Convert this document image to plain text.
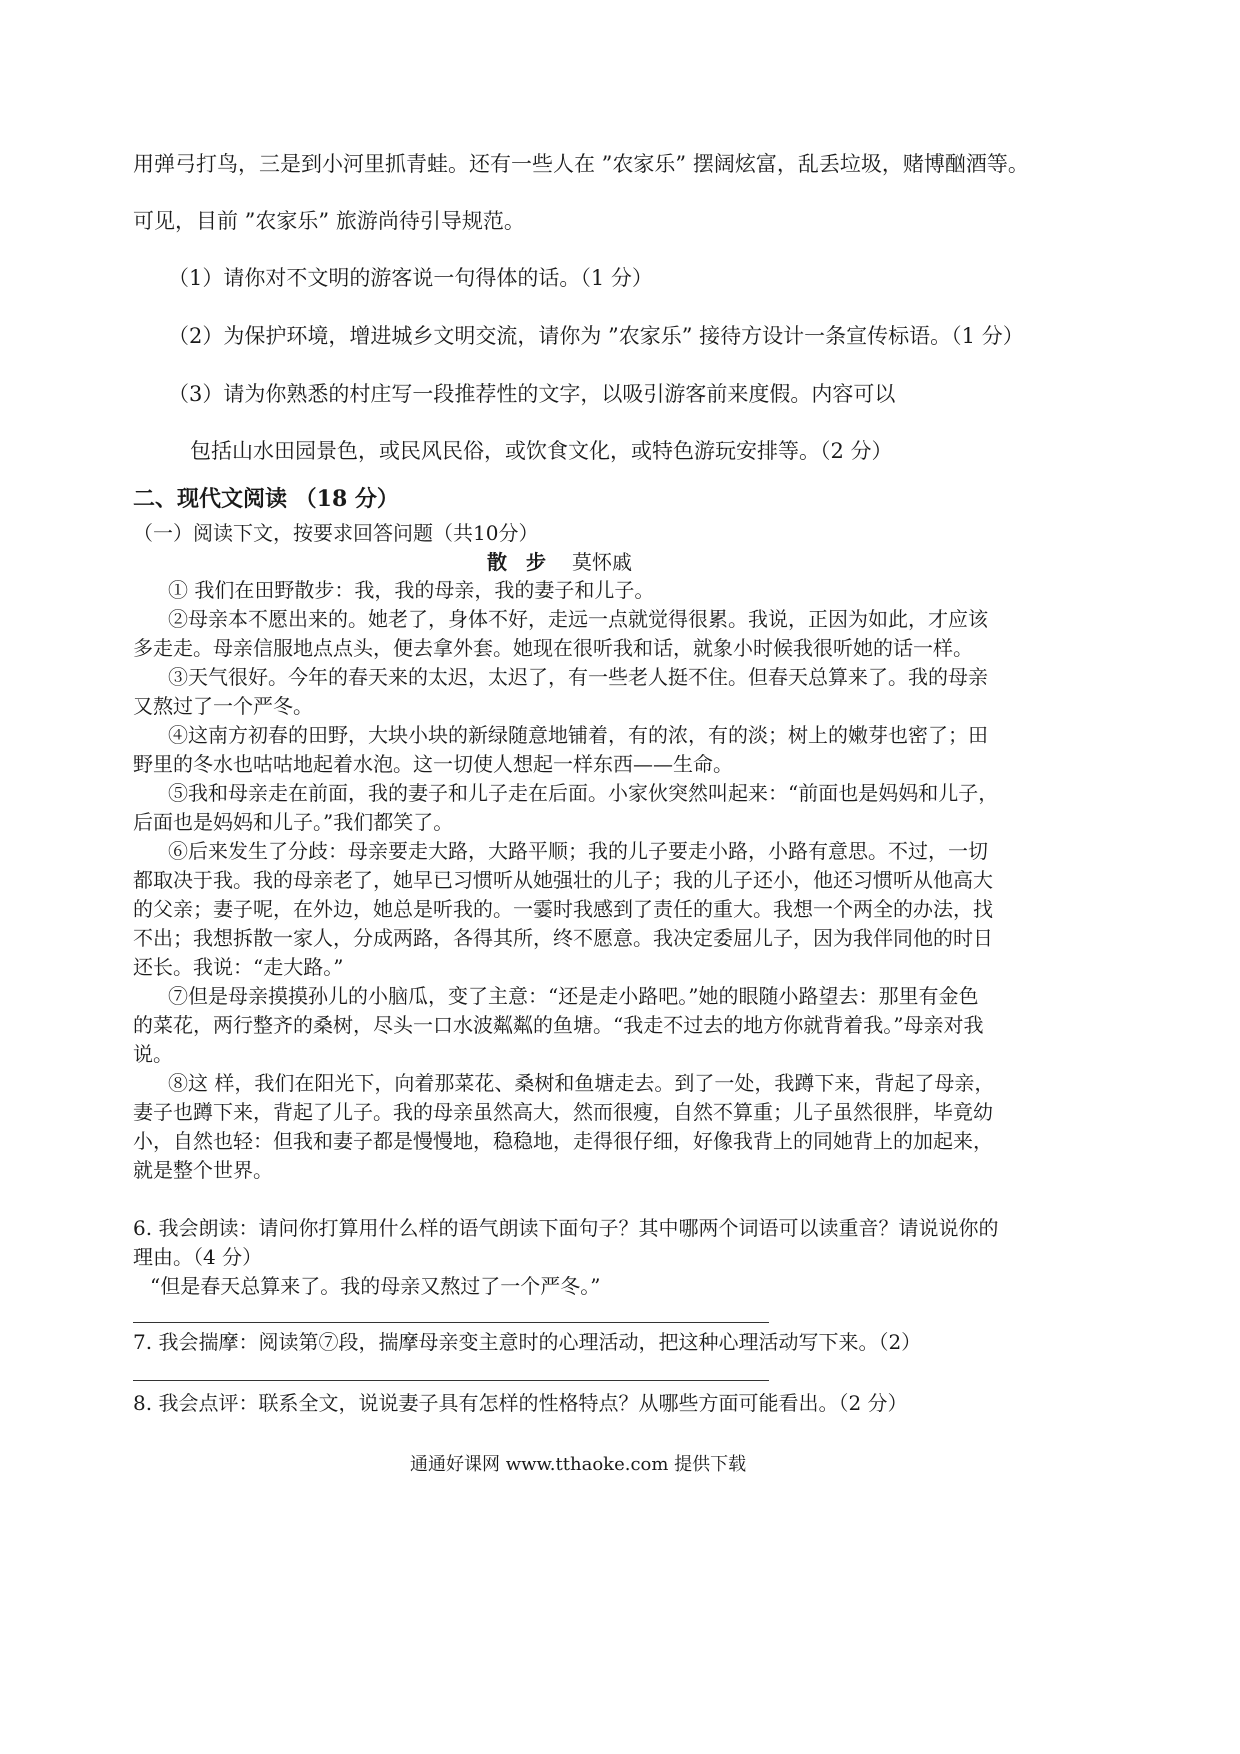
用弹弓打鸟，三是到小河里抓青蛙。还有一些人在 ”农家乐” 摆阔炫富，乱丢垃圾，赌博酗酒等。
可见，目前 ”农家乐” 旅游尚待引导规范。
（1）请你对不文明的游客说一句得体的话。（1 分）
（2）为保护环境，增进城乡文明交流，请你为 ”农家乐” 接待方设计一条宣传标语。（1 分）
（3）请为你熟悉的村庄写一段推荐性的文字，以吸引游客前来度假。内容可以
包括山水田园景色，或民风民俗，或饮食文化，或特色游玩安排等。（2 分）
二、现代文阅读 （18 分）
（一）阅读下文，按要求回答问题（共10分）
散 步 莫怀戚
① 我们在田野散步：我，我的母亲，我的妻子和儿子。
②母亲本不愿出来的。她老了，身体不好，走远一点就觉得很累。我说，正因为如此，才应该
多走走。母亲信服地点点头，便去拿外套。她现在很听我和话，就象小时候我很听她的话一样。
③天气很好。今年的春天来的太迟，太迟了，有一些老人挺不住。但春天总算来了。我的母亲
又熬过了一个严冬。
④这南方初春的田野，大块小块的新绿随意地铺着，有的浓，有的淡；树上的嫩芽也密了；田
野里的冬水也咕咕地起着水泡。这一切使人想起一样东西——生命。
⑤我和母亲走在前面，我的妻子和儿子走在后面。小家伙突然叫起来：“前面也是妈妈和儿子，
后面也是妈妈和儿子。”我们都笑了。
⑥后来发生了分歧：母亲要走大路，大路平顺；我的儿子要走小路，小路有意思。不过，一切
都取决于我。我的母亲老了，她早已习惯听从她强壮的儿子；我的儿子还小，他还习惯听从他高大
的父亲；妻子呢，在外边，她总是听我的。一霎时我感到了责任的重大。我想一个两全的办法，找
不出；我想拆散一家人，分成两路，各得其所，终不愿意。我决定委屈儿子，因为我伴同他的时日
还长。我说：“走大路。”
⑦但是母亲摸摸孙儿的小脑瓜，变了主意：“还是走小路吧。”她的眼随小路望去：那里有金色
的菜花，两行整齐的桑树，尽头一口水波粼粼的鱼塘。“我走不过去的地方你就背着我。”母亲对我
说。
⑧这 样，我们在阳光下，向着那菜花、桑树和鱼塘走去。到了一处，我蹲下来，背起了母亲，
妻子也蹲下来，背起了儿子。我的母亲虽然高大，然而很瘦，自然不算重；儿子虽然很胖，毕竟幼
小，自然也轻：但我和妻子都是慢慢地，稳稳地，走得很仔细，好像我背上的同她背上的加起来，
就是整个世界。
6. 我会朗读：请问你打算用什么样的语气朗读下面句子？其中哪两个词语可以读重音？请说说你的
理由。（4 分）
“但是春天总算来了。我的母亲又熬过了一个严冬。”
7. 我会揣摩：阅读第⑦段，揣摩母亲变主意时的心理活动，把这种心理活动写下来。（2）
8. 我会点评：联系全文，说说妻子具有怎样的性格特点？从哪些方面可能看出。（2 分）
通通好课网 www.tthaoke.com 提供下载
